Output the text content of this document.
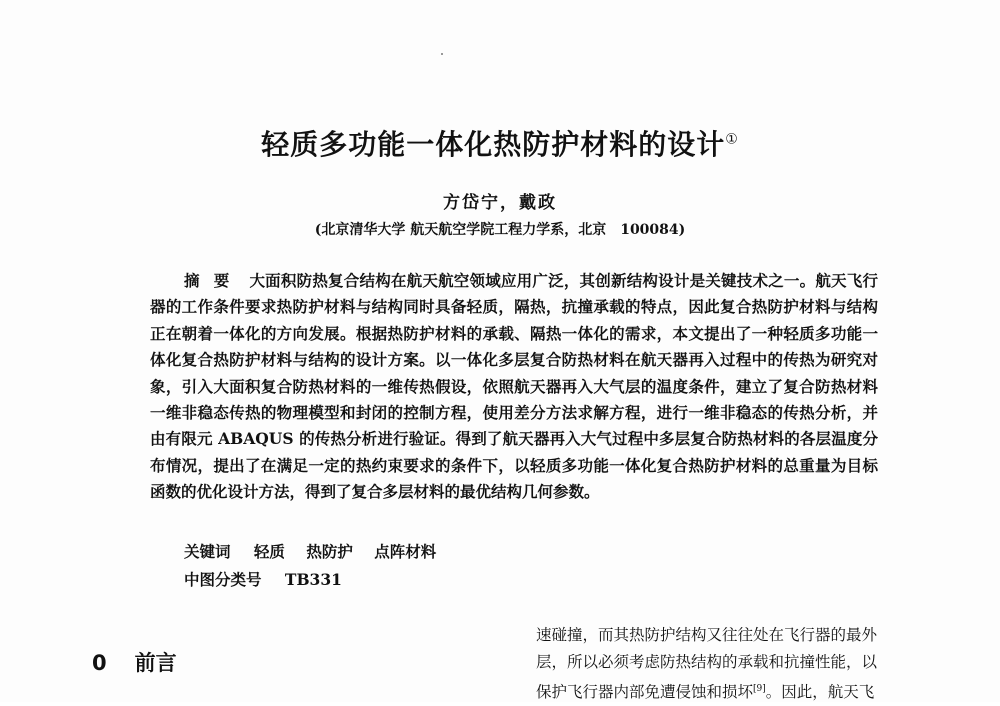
轻质多功能一体化热防护材料的设计①
方岱宁，戴政
(北京清华大学 航天航空学院工程力学系，北京　100084)
摘要 大面积防热复合结构在航天航空领域应用广泛，其创新结构设计是关键技术之一。航天飞行器的工作条件要求热防护材料与结构同时具备轻质，隔热，抗撞承载的特点，因此复合热防护材料与结构正在朝着一体化的方向发展。根据热防护材料的承载、隔热一体化的需求，本文提出了一种轻质多功能一体化复合热防护材料与结构的设计方案。以一体化多层复合防热材料在航天器再入过程中的传热为研究对象，引入大面积复合防热材料的一维传热假设，依照航天器再入大气层的温度条件，建立了复合防热材料一维非稳态传热的物理模型和封闭的控制方程，使用差分方法求解方程，进行一维非稳态的传热分析，并由有限元 ABAQUS 的传热分析进行验证。得到了航天器再入大气过程中多层复合防热材料的各层温度分布情况，提出了在满足一定的热约束要求的条件下，以轻质多功能一体化复合热防护材料的总重量为目标函数的优化设计方法，得到了复合多层材料的最优结构几何参数。
关键词 轻质 热防护 点阵材料
中图分类号 TB331
0 前言
速碰撞，而其热防护结构又往往处在飞行器的最外
层，所以必须考虑防热结构的承载和抗撞性能，以
保护飞行器内部免遭侵蚀和损坏[9]。因此，航天飞
